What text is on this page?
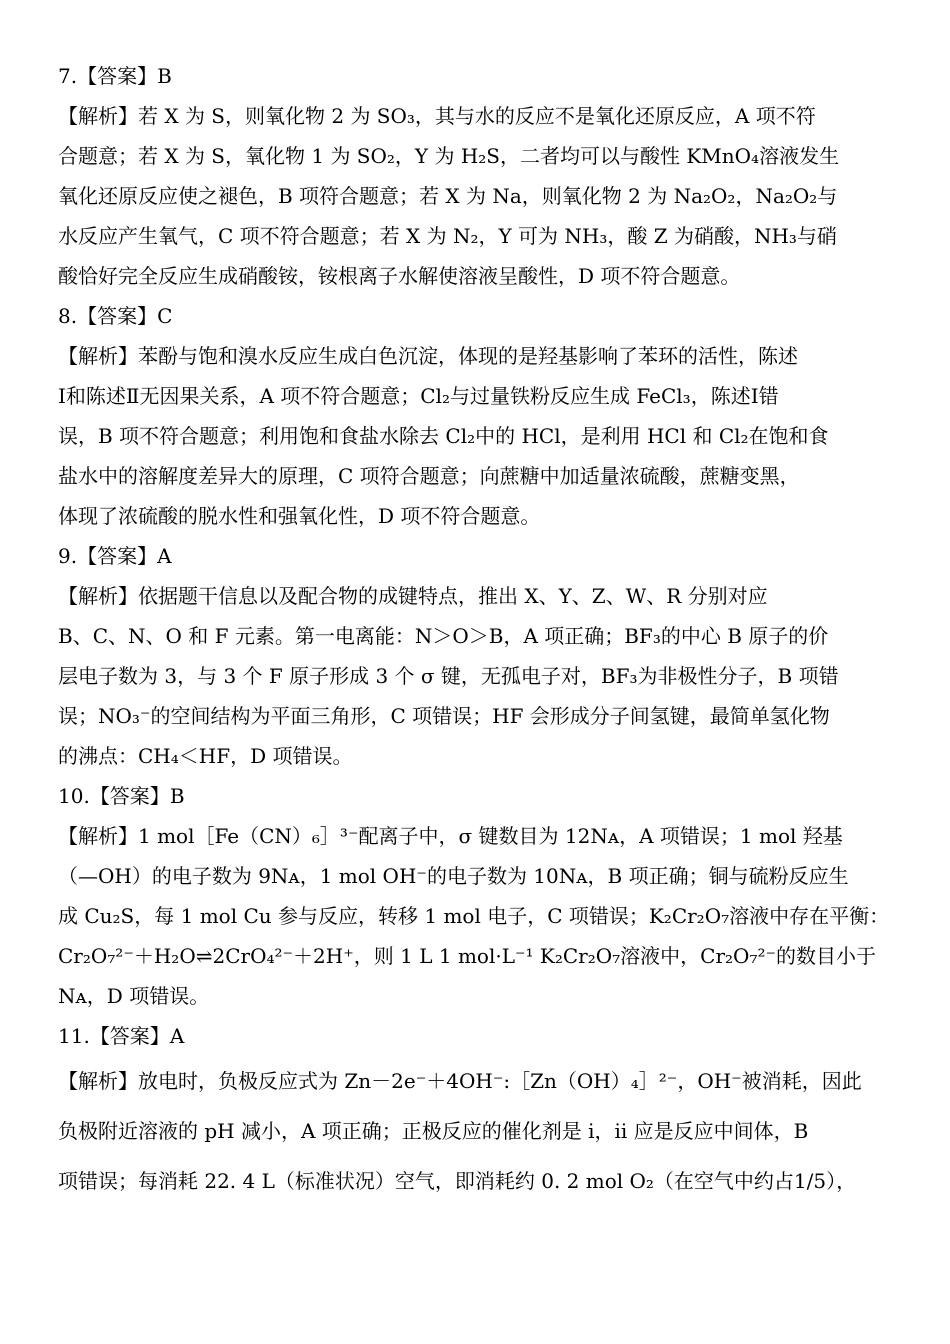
7.【答案】B
【解析】若 X 为 S，则氧化物 2 为 SO₃，其与水的反应不是氧化还原反应，A 项不符
合题意；若 X 为 S，氧化物 1 为 SO₂，Y 为 H₂S，二者均可以与酸性 KMnO₄溶液发生
氧化还原反应使之褪色，B 项符合题意；若 X 为 Na，则氧化物 2 为 Na₂O₂，Na₂O₂与
水反应产生氧气，C 项不符合题意；若 X 为 N₂，Y 可为 NH₃，酸 Z 为硝酸，NH₃与硝
酸恰好完全反应生成硝酸铵，铵根离子水解使溶液呈酸性，D 项不符合题意。
8.【答案】C
【解析】苯酚与饱和溴水反应生成白色沉淀，体现的是羟基影响了苯环的活性，陈述
Ⅰ和陈述Ⅱ无因果关系，A 项不符合题意；Cl₂与过量铁粉反应生成 FeCl₃，陈述Ⅰ错
误，B 项不符合题意；利用饱和食盐水除去 Cl₂中的 HCl，是利用 HCl 和 Cl₂在饱和食
盐水中的溶解度差异大的原理，C 项符合题意；向蔗糖中加适量浓硫酸，蔗糖变黑，
体现了浓硫酸的脱水性和强氧化性，D 项不符合题意。
9.【答案】A
【解析】依据题干信息以及配合物的成键特点，推出 X、Y、Z、W、R 分别对应
B、C、N、O 和 F 元素。第一电离能：N＞O＞B，A 项正确；BF₃的中心 B 原子的价
层电子数为 3，与 3 个 F 原子形成 3 个 σ 键，无孤电子对，BF₃为非极性分子，B 项错
误；NO₃⁻的空间结构为平面三角形，C 项错误；HF 会形成分子间氢键，最简单氢化物
的沸点：CH₄＜HF，D 项错误。
10.【答案】B
【解析】1 mol［Fe（CN）₆］³⁻配离子中，σ 键数目为 12Nᴀ，A 项错误；1 mol 羟基
（—OH）的电子数为 9Nᴀ，1 mol OH⁻的电子数为 10Nᴀ，B 项正确；铜与硫粉反应生
成 Cu₂S，每 1 mol Cu 参与反应，转移 1 mol 电子，C 项错误；K₂Cr₂O₇溶液中存在平衡：
Cr₂O₇²⁻＋H₂O⇌2CrO₄²⁻＋2H⁺，则 1 L 1 mol·L⁻¹ K₂Cr₂O₇溶液中，Cr₂O₇²⁻的数目小于
Nᴀ，D 项错误。
11.【答案】A
【解析】放电时，负极反应式为 Zn－2e⁻＋4OH⁻:［Zn（OH）₄］²⁻，OH⁻被消耗，因此
负极附近溶液的 pH 减小，A 项正确；正极反应的催化剂是 i，ii 应是反应中间体，B
项错误；每消耗 22. 4 L（标准状况）空气，即消耗约 0. 2 mol O₂（在空气中约占1/5），
